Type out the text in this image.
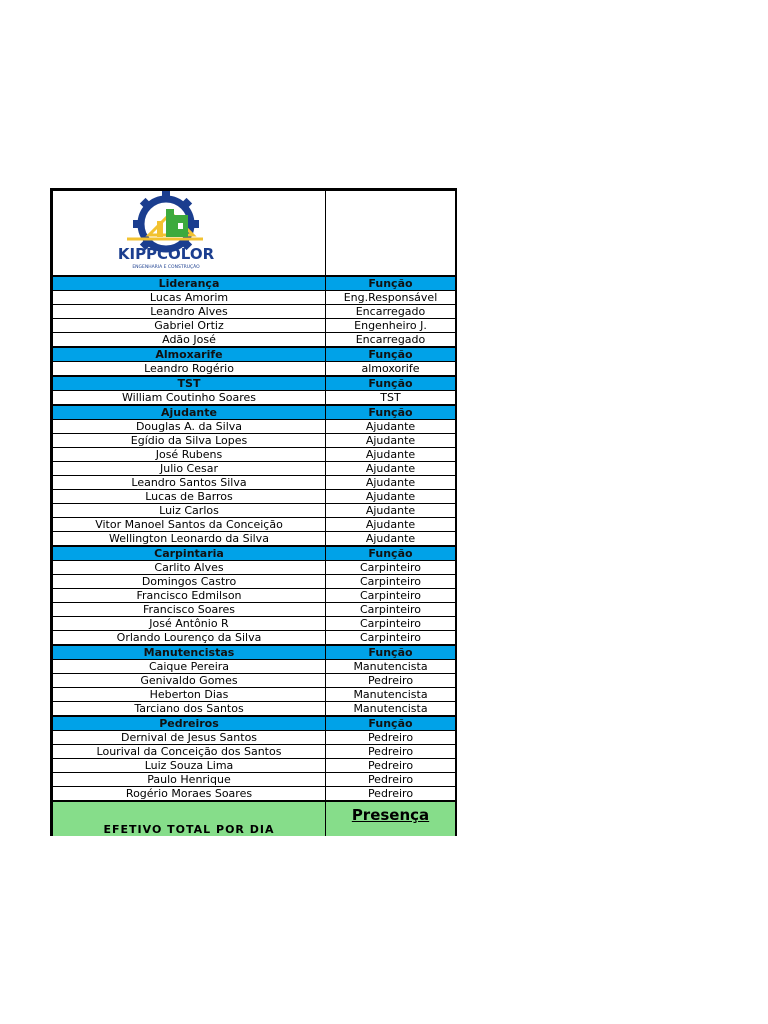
KIPPCOLOR
ENGENHARIA E CONSTRUÇÃO	

Liderança	Função
Lucas Amorim	Eng.Responsável
Leandro Alves	Encarregado
Gabriel Ortiz	Engenheiro J.
Adão José	Encarregado
Almoxarife	Função
Leandro Rogério	almoxorife
TST	Função
William Coutinho Soares	TST
Ajudante	Função
Douglas A. da Silva	Ajudante
Egídio da Silva Lopes	Ajudante
José Rubens	Ajudante
Julio Cesar	Ajudante
Leandro Santos Silva	Ajudante
Lucas de Barros	Ajudante
Luiz Carlos	Ajudante
Vitor Manoel Santos da Conceição	Ajudante
Wellington Leonardo da Silva	Ajudante
Carpintaria	Função
Carlito Alves	Carpinteiro
Domingos Castro	Carpinteiro
Francisco Edmilson	Carpinteiro
Francisco Soares	Carpinteiro
José Antônio R	Carpinteiro
Orlando Lourenço da Silva	Carpinteiro
Manutencistas	Função
Caique Pereira	Manutencista
Genivaldo Gomes	Pedreiro
Heberton Dias	Manutencista
Tarciano dos Santos	Manutencista
Pedreiros	Função
Dernival de Jesus Santos	Pedreiro
Lourival da Conceição dos Santos	Pedreiro
Luiz Souza Lima	Pedreiro
Paulo Henrique	Pedreiro
Rogério Moraes Soares	Pedreiro

EFETIVO TOTAL POR DIA	Presença
